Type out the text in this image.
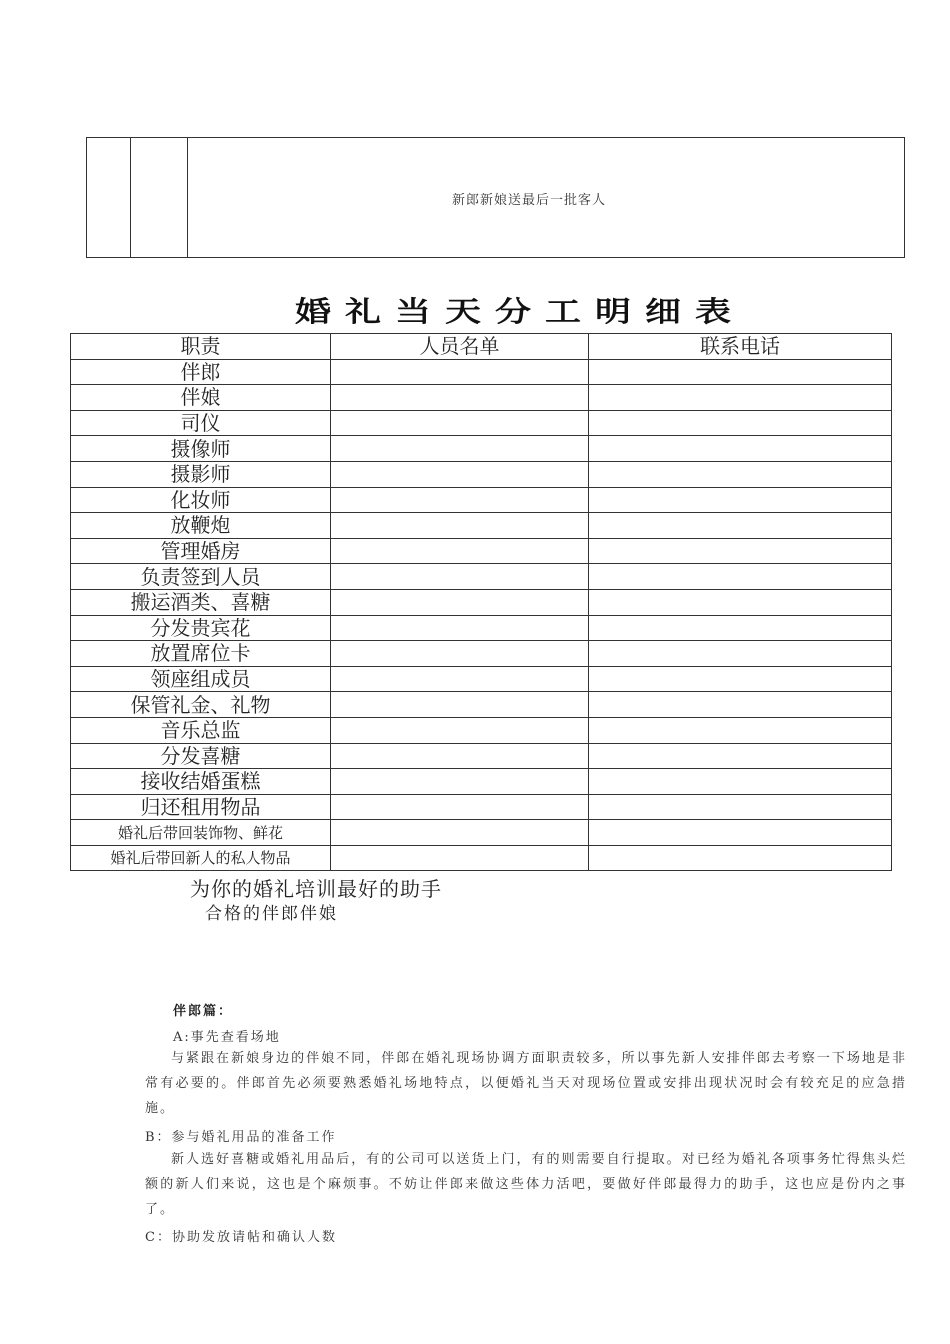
新郎新娘送最后一批客人
婚礼当天分工明细表
职责	人员名单	联系电话
伴郎		
伴娘		
司仪		
摄像师		
摄影师		
化妆师		
放鞭炮		
管理婚房		
负责签到人员		
搬运酒类、喜糖		
分发贵宾花		
放置席位卡		
领座组成员		
保管礼金、礼物		
音乐总监		
分发喜糖		
接收结婚蛋糕		
归还租用物品		
婚礼后带回装饰物、鲜花		
婚礼后带回新人的私人物品		
为你的婚礼培训最好的助手
合格的伴郎伴娘
伴郎篇：
A:事先查看场地
与紧跟在新娘身边的伴娘不同，伴郎在婚礼现场协调方面职责较多，所以事先新人安排伴郎去考察一下场地是非常有必要的。伴郎首先必须要熟悉婚礼场地特点，以便婚礼当天对现场位置或安排出现状况时会有较充足的应急措施。
B：参与婚礼用品的准备工作
新人选好喜糖或婚礼用品后，有的公司可以送货上门，有的则需要自行提取。对已经为婚礼各项事务忙得焦头烂额的新人们来说，这也是个麻烦事。不妨让伴郎来做这些体力活吧，要做好伴郎最得力的助手，这也应是份内之事了。
C：协助发放请帖和确认人数
